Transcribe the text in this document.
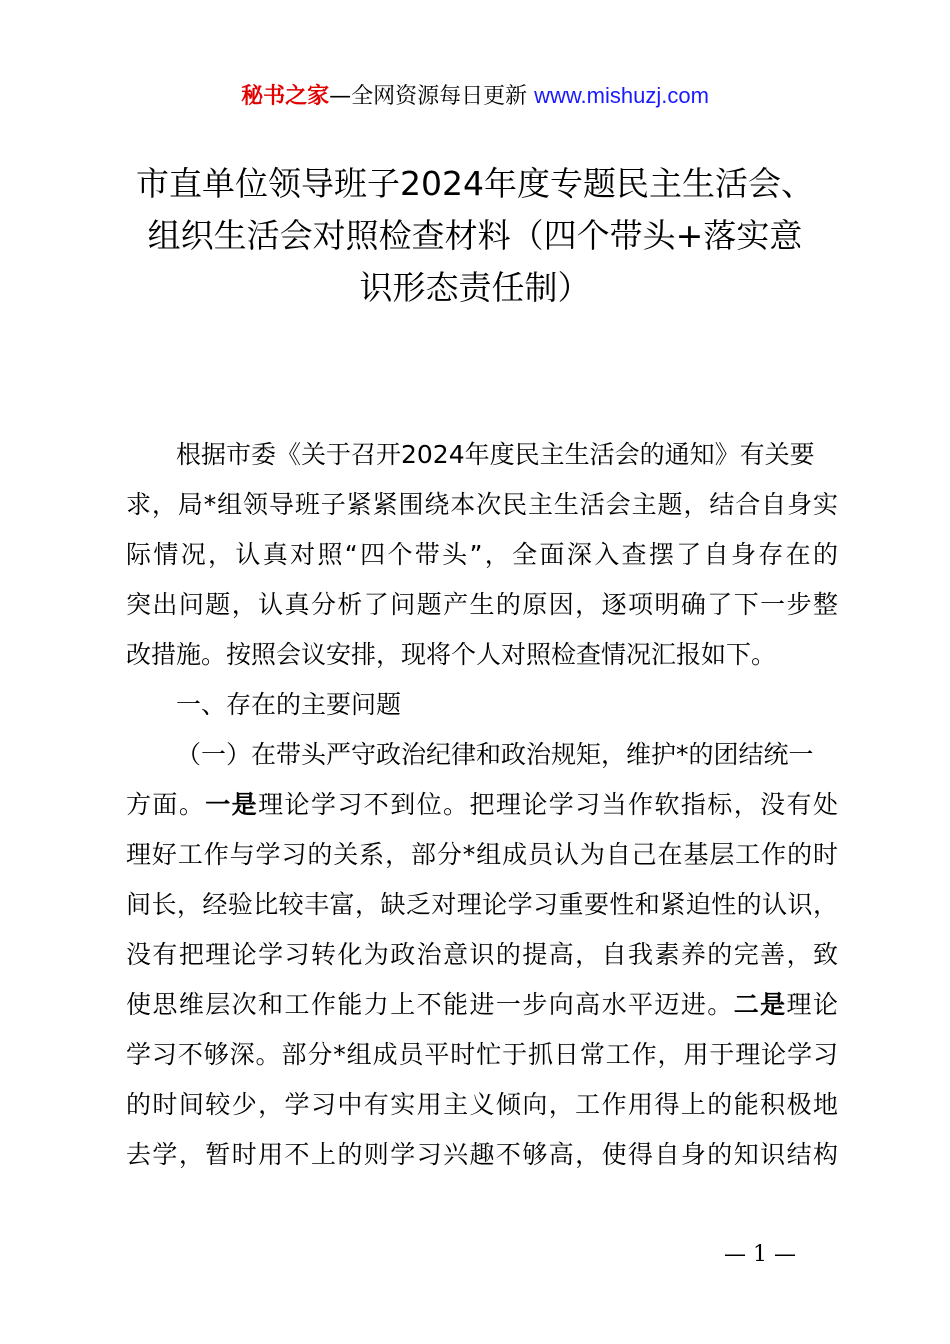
秘书之家—全网资源每日更新 www.mishuzj.com
市直单位领导班子2024年度专题民主生活会、
组织生活会对照检查材料（四个带头+落实意
识形态责任制）
根据市委《关于召开2024年度民主生活会的通知》有关要
求，局*组领导班子紧紧围绕本次民主生活会主题，结合自身实
际情况，认真对照“四个带头”，全面深入查摆了自身存在的
突出问题，认真分析了问题产生的原因，逐项明确了下一步整
改措施。按照会议安排，现将个人对照检查情况汇报如下。
一、存在的主要问题
（一）在带头严守政治纪律和政治规矩，维护*的团结统一
方面。一是理论学习不到位。把理论学习当作软指标，没有处
理好工作与学习的关系，部分*组成员认为自己在基层工作的时
间长，经验比较丰富，缺乏对理论学习重要性和紧迫性的认识，
没有把理论学习转化为政治意识的提高，自我素养的完善，致
使思维层次和工作能力上不能进一步向高水平迈进。二是理论
学习不够深。部分*组成员平时忙于抓日常工作，用于理论学习
的时间较少，学习中有实用主义倾向，工作用得上的能积极地
去学，暂时用不上的则学习兴趣不够高，使得自身的知识结构
— 1 —
